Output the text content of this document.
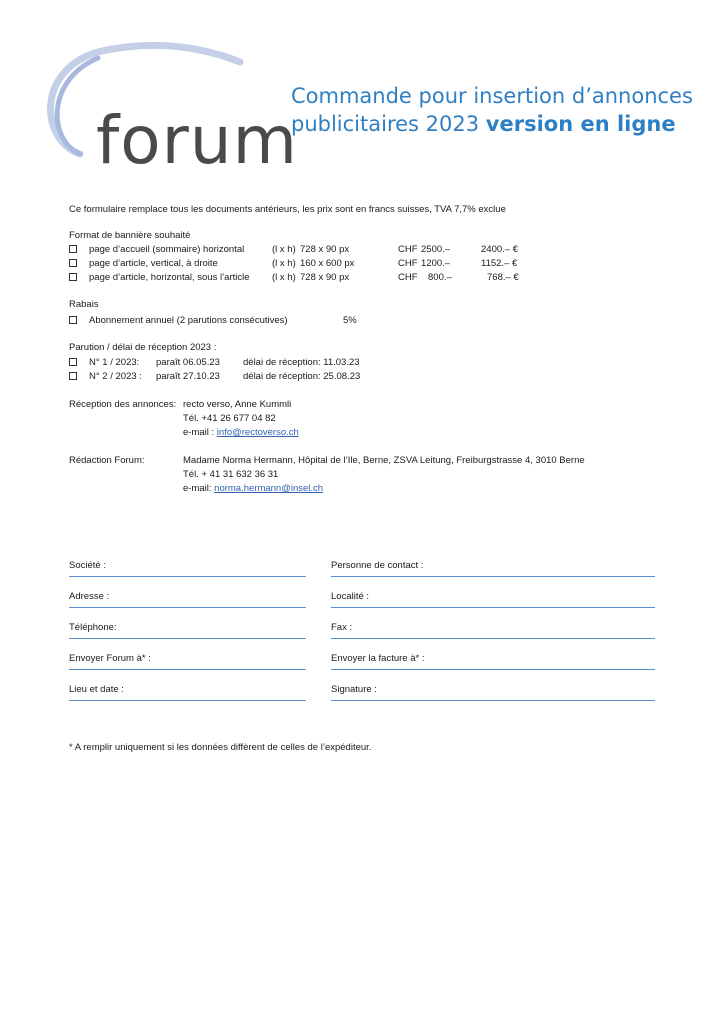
forum
Commande pour insertion d’annonces
publicitaires 2023 version en ligne
Ce formulaire remplace tous les documents antérieurs, les prix sont en francs suisses, TVA 7,7% exclue
Format de bannière souhaité
page d’accueil (sommaire) horizontal	(l x h) 728 x 90 px	CHF 2500.–	2400.– €
page d’article, vertical, à droite	(l x h) 160 x 600 px	CHF 1200.–	1152.– €
page d’article, horizontal, sous l’article (l x h) 728 x 90 px	CHF 800.–	768.– €
Rabais
Abonnement annuel (2 parutions consécutives)	5%
Parution / délai de réception 2023 :
N° 1 / 2023: paraît 06.05.23 délai de réception: 11.03.23
N° 2 / 2023 : paraît 27.10.23 délai de réception: 25.08.23
Réception des annonces: recto verso, Anne Kummli
Tél. +41 26 677 04 82
e-mail : info@rectoverso.ch
Rédaction Forum:	Madame Norma Hermann, Hôpital de l’Ile, Berne, ZSVA Leitung, Freiburgstrasse 4, 3010 Berne
Tél. + 41 31 632 36 31
e-mail: norma.hermann@insel.ch
Société :	Personne de contact :
Adresse :	Localité :
Téléphone:	Fax :
Envoyer Forum à* :	Envoyer la facture à* :
Lieu et date :	Signature :
* A remplir uniquement si les données diffèrent de celles de l’expéditeur.
